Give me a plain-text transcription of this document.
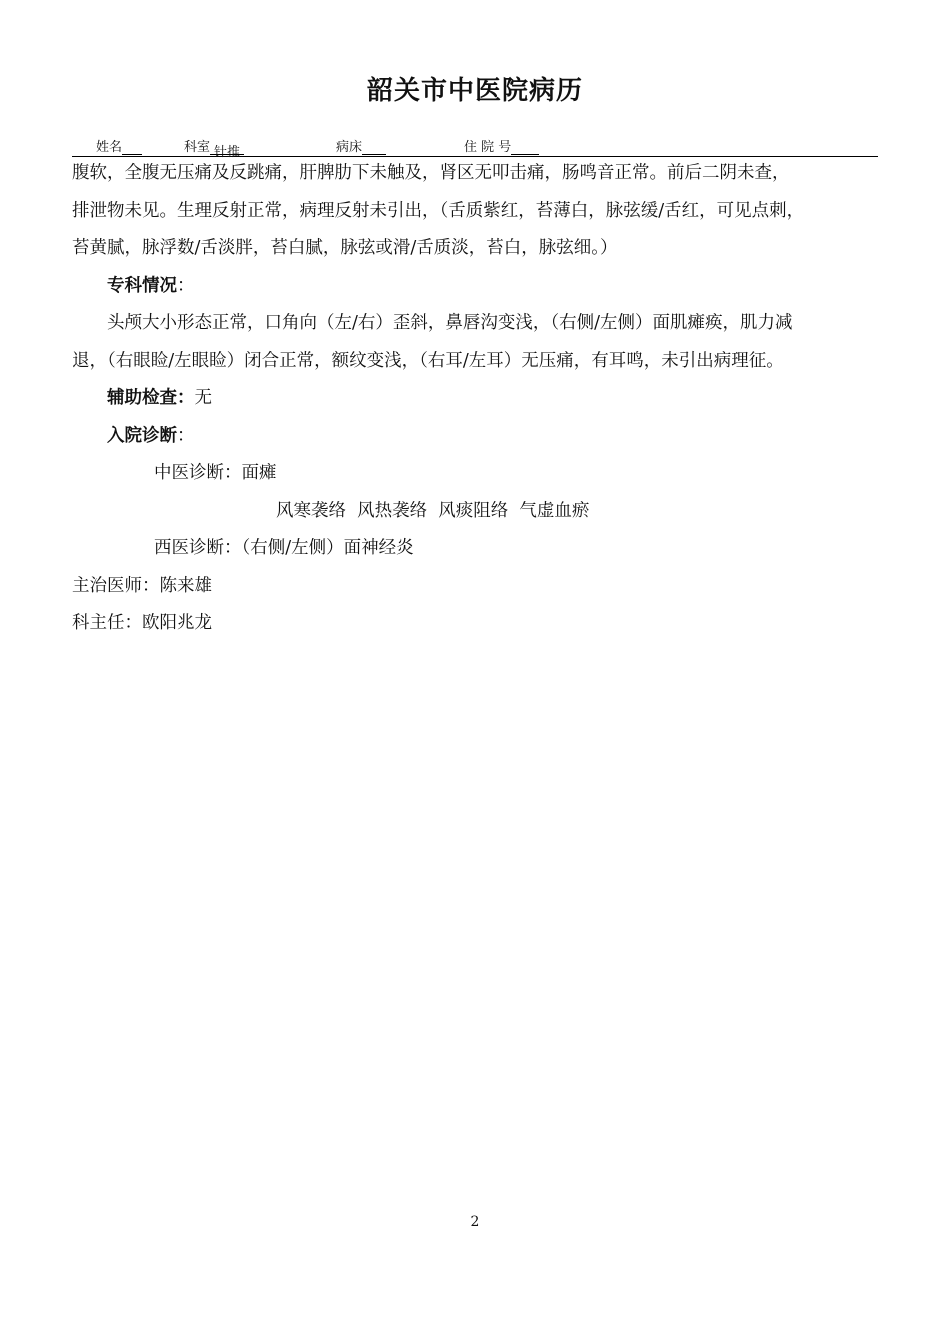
韶关市中医院病历
姓名	科室 针推	病床	住 院 号

腹软，全腹无压痛及反跳痛，肝脾肋下未触及，肾区无叩击痛，肠鸣音正常。前后二阴未查，

排泄物未见。生理反射正常，病理反射未引出，（舌质紫红，苔薄白，脉弦缓/舌红，可见点刺，

苔黄腻，脉浮数/舌淡胖，苔白腻，脉弦或滑/舌质淡，苔白，脉弦细。）

专科情况：

头颅大小形态正常，口角向（左/右）歪斜，鼻唇沟变浅，（右侧/左侧）面肌瘫痪，肌力减

退，（右眼睑/左眼睑）闭合正常，额纹变浅，（右耳/左耳）无压痛，有耳鸣，未引出病理征。

辅助检查：无

入院诊断：

中医诊断：面瘫

风寒袭络  风热袭络  风痰阻络  气虚血瘀

西医诊断：（右侧/左侧）面神经炎

主治医师：陈来雄

科主任：欧阳兆龙

2
